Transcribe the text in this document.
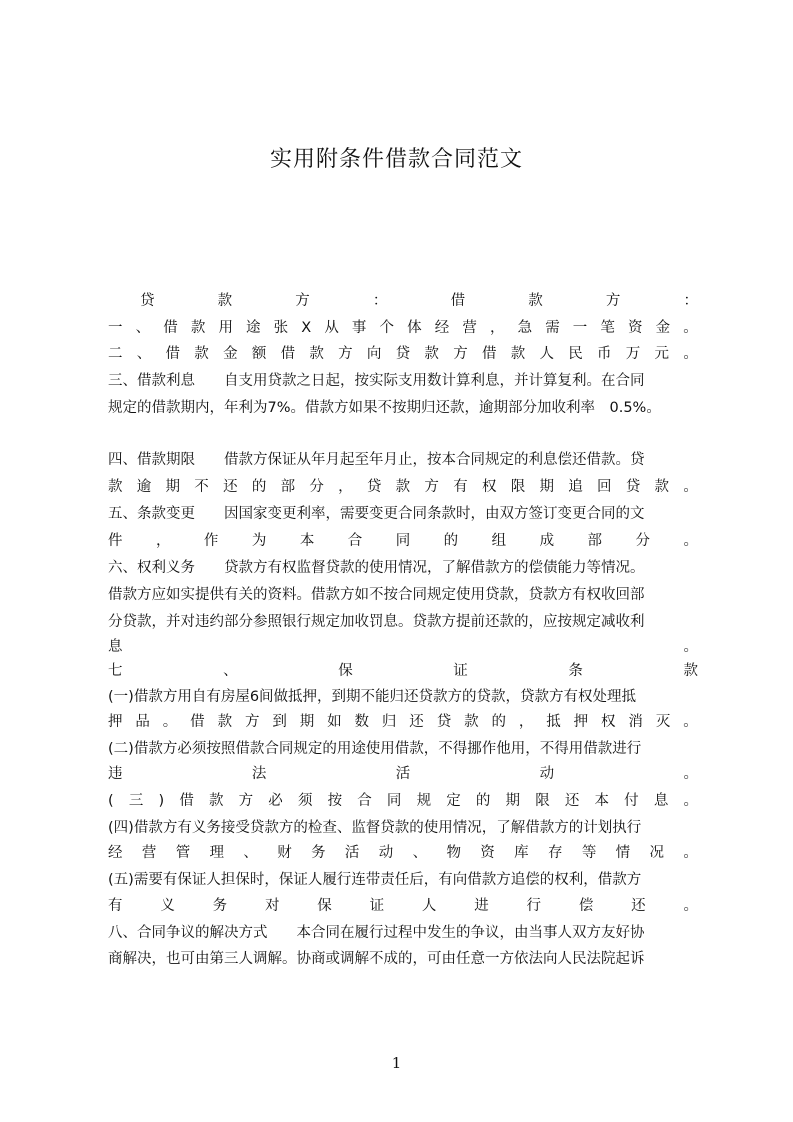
实用附条件借款合同范文
贷	款	方	：	借	款	方	：
一 、 借 款 用 途 张 X 从 事 个 体 经 营 ， 急 需 一 笔 资 金 。
二 、 借 款 金 额 借 款 方 向 贷 款 方 借 款 人 民 币 万 元 。
三、借款利息　　自支用贷款之日起，按实际支用数计算利息，并计算复利。在合同
规定的借款期内，年利为7%。借款方如果不按期归还款，逾期部分加收利率　0.5%。
四、借款期限　　借款方保证从年月起至年月止，按本合同规定的利息偿还借款。贷
款 逾 期 不 还 的 部 分 ， 贷 款 方 有 权 限 期 追 回 贷 款 。
五、条款变更　　因国家变更利率，需要变更合同条款时，由双方签订变更合同的文
件 ， 作 为 本 合 同 的 组 成 部 分 。
六、权利义务　　贷款方有权监督贷款的使用情况，了解借款方的偿债能力等情况。
借款方应如实提供有关的资料。借款方如不按合同规定使用贷款，贷款方有权收回部
分贷款，并对违约部分参照银行规定加收罚息。贷款方提前还款的，应按规定减收利
息	。
七	、	保	证	条	款
(一)借款方用自有房屋6间做抵押，到期不能归还贷款方的贷款，贷款方有权处理抵
押 品 。 借 款 方 到 期 如 数 归 还 贷 款 的 ， 抵 押 权 消 灭 。
(二)借款方必须按照借款合同规定的用途使用借款，不得挪作他用，不得用借款进行
违	法	活	动	。
( 三 ) 借 款 方 必 须 按 合 同 规 定 的 期 限 还 本 付 息 。
(四)借款方有义务接受贷款方的检查、监督贷款的使用情况，了解借款方的计划执行
经 营 管 理 、 财 务 活 动 、 物 资 库 存 等 情 况 。
(五)需要有保证人担保时，保证人履行连带责任后，有向借款方追偿的权利，借款方
有	义	务	对	保	证	人	进	行	偿	还	。
八、合同争议的解决方式　　本合同在履行过程中发生的争议，由当事人双方友好协
商解决，也可由第三人调解。协商或调解不成的，可由任意一方依法向人民法院起诉
1
